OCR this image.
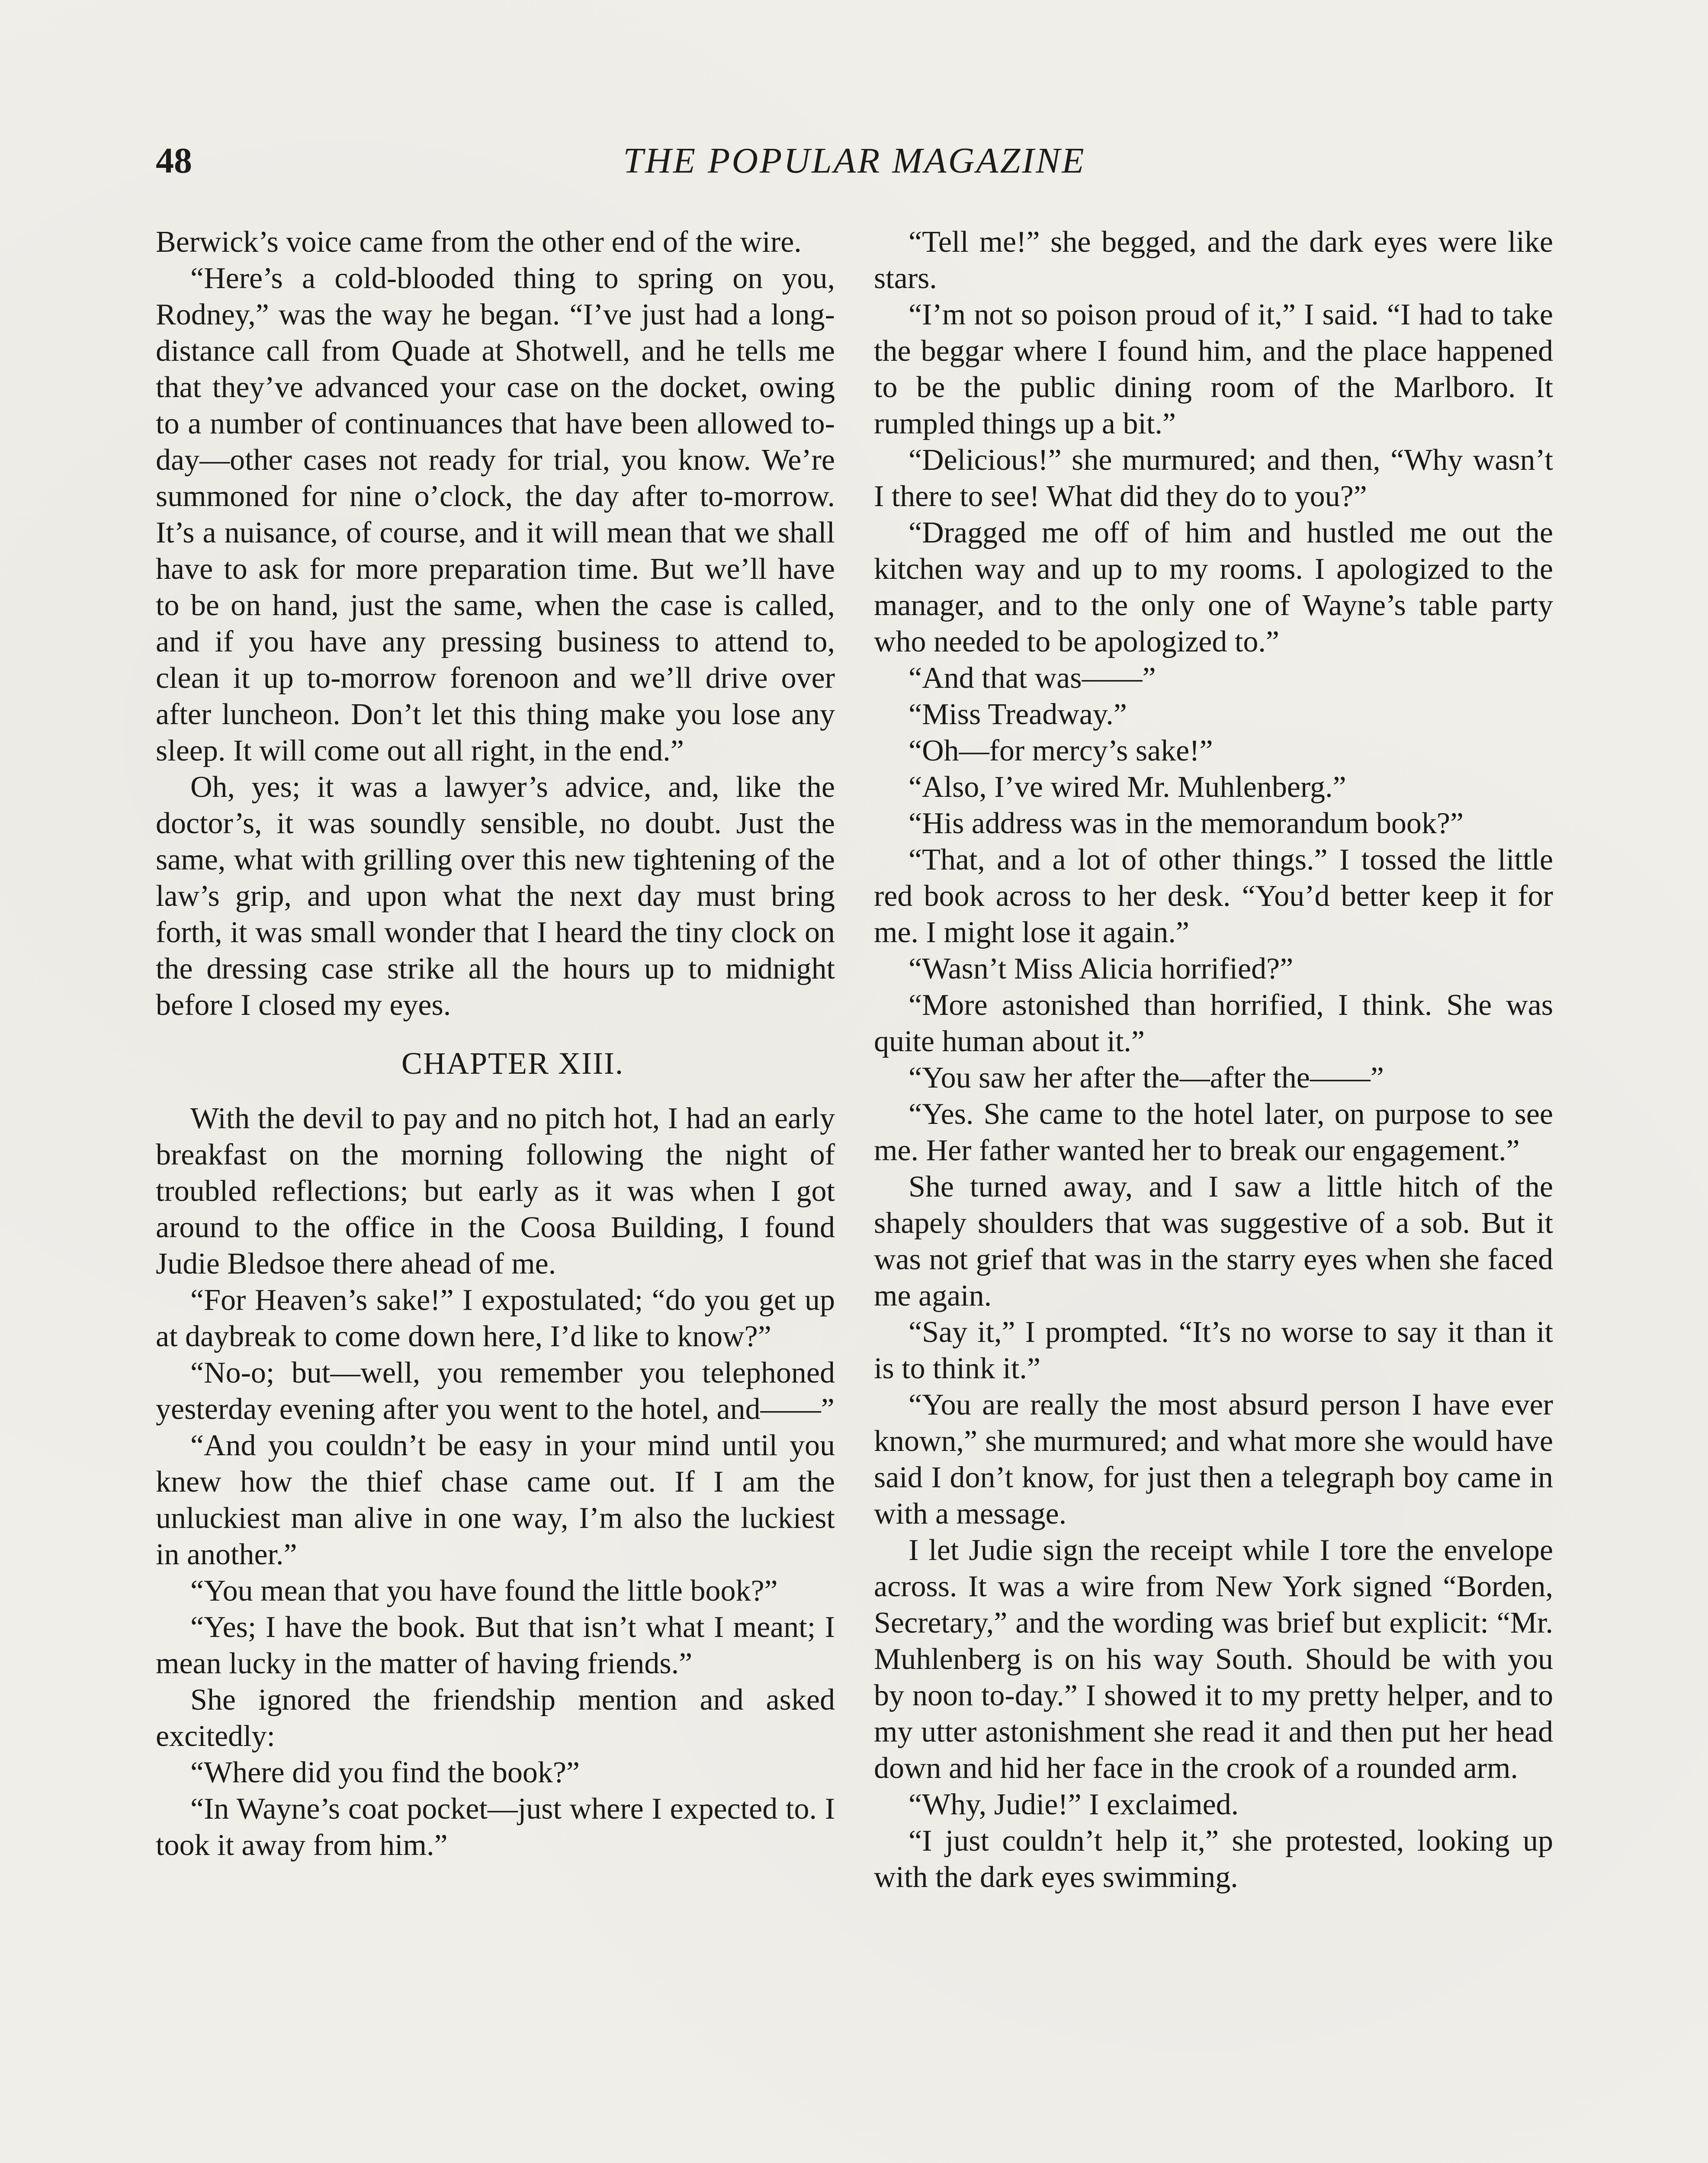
48	THE POPULAR MAGAZINE

Berwick’s voice came from the other end of the wire.

“Here’s a cold-blooded thing to spring on you, Rodney,” was the way he began. “I’ve just had a long-distance call from Quade at Shotwell, and he tells me that they’ve advanced your case on the docket, owing to a number of continuances that have been allowed to-day—other cases not ready for trial, you know. We’re summoned for nine o’clock, the day after to-morrow. It’s a nuisance, of course, and it will mean that we shall have to ask for more preparation time. But we’ll have to be on hand, just the same, when the case is called, and if you have any pressing business to attend to, clean it up to-morrow forenoon and we’ll drive over after luncheon. Don’t let this thing make you lose any sleep. It will come out all right, in the end.”

Oh, yes; it was a lawyer’s advice, and, like the doctor’s, it was soundly sensible, no doubt. Just the same, what with grilling over this new tightening of the law’s grip, and upon what the next day must bring forth, it was small wonder that I heard the tiny clock on the dressing case strike all the hours up to midnight before I closed my eyes.

CHAPTER XIII.

With the devil to pay and no pitch hot, I had an early breakfast on the morning following the night of troubled reflections; but early as it was when I got around to the office in the Coosa Building, I found Judie Bledsoe there ahead of me.

“For Heaven’s sake!” I expostulated; “do you get up at daybreak to come down here, I’d like to know?”

“No-o; but—well, you remember you telephoned yesterday evening after you went to the hotel, and——”

“And you couldn’t be easy in your mind until you knew how the thief chase came out. If I am the unluckiest man alive in one way, I’m also the luckiest in another.”

“You mean that you have found the little book?”

“Yes; I have the book. But that isn’t what I meant; I mean lucky in the matter of having friends.”

She ignored the friendship mention and asked excitedly:

“Where did you find the book?”

“In Wayne’s coat pocket—just where I expected to. I took it away from him.”

“Tell me!” she begged, and the dark eyes were like stars.

“I’m not so poison proud of it,” I said. “I had to take the beggar where I found him, and the place happened to be the public dining room of the Marlboro. It rumpled things up a bit.”

“Delicious!” she murmured; and then, “Why wasn’t I there to see! What did they do to you?”

“Dragged me off of him and hustled me out the kitchen way and up to my rooms. I apologized to the manager, and to the only one of Wayne’s table party who needed to be apologized to.”

“And that was——”

“Miss Treadway.”

“Oh—for mercy’s sake!”

“Also, I’ve wired Mr. Muhlenberg.”

“His address was in the memorandum book?”

“That, and a lot of other things.” I tossed the little red book across to her desk. “You’d better keep it for me. I might lose it again.”

“Wasn’t Miss Alicia horrified?”

“More astonished than horrified, I think. She was quite human about it.”

“You saw her after the—after the——”

“Yes. She came to the hotel later, on purpose to see me. Her father wanted her to break our engagement.”

She turned away, and I saw a little hitch of the shapely shoulders that was suggestive of a sob. But it was not grief that was in the starry eyes when she faced me again.

“Say it,” I prompted. “It’s no worse to say it than it is to think it.”

“You are really the most absurd person I have ever known,” she murmured; and what more she would have said I don’t know, for just then a telegraph boy came in with a message.

I let Judie sign the receipt while I tore the envelope across. It was a wire from New York signed “Borden, Secretary,” and the wording was brief but explicit: “Mr. Muhlenberg is on his way South. Should be with you by noon to-day.” I showed it to my pretty helper, and to my utter astonishment she read it and then put her head down and hid her face in the crook of a rounded arm.

“Why, Judie!” I exclaimed.

“I just couldn’t help it,” she protested, looking up with the dark eyes swimming.
